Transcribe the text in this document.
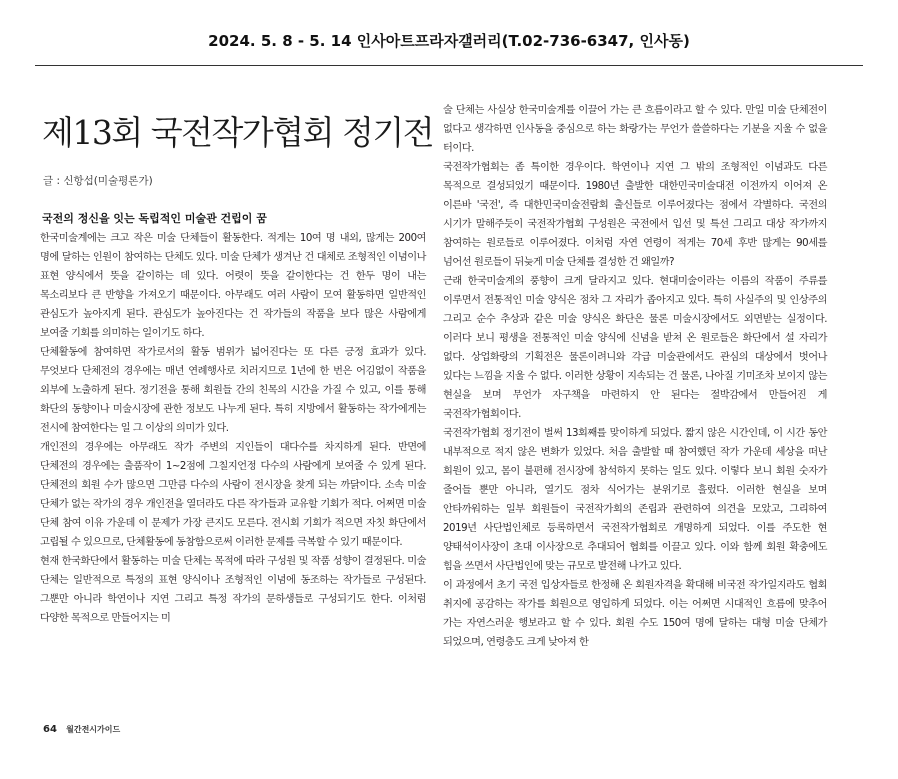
2024. 5. 8 - 5. 14 인사아트프라자갤러리(T.02-736-6347, 인사동)
제13회 국전작가협회 정기전
글 : 신항섭(미술평론가)
국전의 정신을 잇는 독립적인 미술관 건립이 꿈

한국미술계에는 크고 작은 미술 단체들이 활동한다. 적게는 10여 명 내외, 많게는 200여 명에 달하는 인원이 참여하는 단체도 있다. 미술 단체가 생겨난 건 대체로 조형적인 이념이나 표현 양식에서 뜻을 같이하는 데 있다. 어렷이 뜻을 같이한다는 건 한두 명이 내는 목소리보다 큰 반향을 가져오기 때문이다. 아무래도 여러 사람이 모여 활동하면 일반적인 관심도가 높아지게 된다. 관심도가 높아진다는 건 작가들의 작품을 보다 많은 사람에게 보여줄 기회를 의미하는 일이기도 하다.

단체활동에 참여하면 작가로서의 활동 범위가 넓어진다는 또 다른 긍정 효과가 있다. 무엇보다 단체전의 경우에는 매년 연례행사로 치러지므로 1년에 한 번은 어김없이 작품을 외부에 노출하게 된다. 정기전을 통해 회원들 간의 친목의 시간을 가질 수 있고, 이를 통해 화단의 동향이나 미술시장에 관한 정보도 나누게 된다. 특히 지방에서 활동하는 작가에게는 전시에 참여한다는 일 그 이상의 의미가 있다.

개인전의 경우에는 아무래도 작가 주변의 지인들이 대다수를 차지하게 된다. 반면에 단체전의 경우에는 출품작이 1~2점에 그칠지언정 다수의 사람에게 보여줄 수 있게 된다. 단체전의 회원 수가 많으면 그만큼 다수의 사람이 전시장을 찾게 되는 까닭이다. 소속 미술 단체가 없는 작가의 경우 개인전을 열더라도 다른 작가들과 교유할 기회가 적다. 어쩌면 미술 단체 참여 이유 가운데 이 문제가 가장 큰지도 모른다. 전시회 기회가 적으면 자칫 화단에서 고립될 수 있으므로, 단체활동에 동참함으로써 이러한 문제를 극복할 수 있기 때문이다.

현재 한국화단에서 활동하는 미술 단체는 목적에 따라 구성원 및 작품 성향이 결정된다. 미술 단체는 일반적으로 특정의 표현 양식이나 조형적인 이념에 동조하는 작가들로 구성된다. 그뿐만 아니라 학연이나 지연 그리고 특정 작가의 문하생들로 구성되기도 한다. 이처럼 다양한 목적으로 만들어지는 미

술 단체는 사실상 한국미술계를 이끌어 가는 큰 흐름이라고 할 수 있다. 만일 미술 단체전이 없다고 생각하면 인사동을 중심으로 하는 화랑가는 무언가 쓸쓸하다는 기분을 지울 수 없을 터이다.

국전작가협회는 좀 특이한 경우이다. 학연이나 지연 그 밖의 조형적인 이념과도 다른 목적으로 결성되었기 때문이다. 1980년 출발한 대한민국미술대전 이전까지 이어져 온 이른바 '국전', 즉 대한민국미술전람회 출신들로 이루어졌다는 점에서 각별하다. 국전의 시기가 말해주듯이 국전작가협회 구성원은 국전에서 입선 및 특선 그리고 대상 작가까지 참여하는 원로들로 이루어졌다. 이처럼 자연 연령이 적게는 70세 후반 많게는 90세를 넘어선 원로들이 뒤늦게 미술 단체를 결성한 건 왜일까?

근래 한국미술계의 풍향이 크게 달라지고 있다. 현대미술이라는 이름의 작품이 주류를 이루면서 전통적인 미술 양식은 점차 그 자리가 좁아지고 있다. 특히 사실주의 및 인상주의 그리고 순수 추상과 같은 미술 양식은 화단은 물론 미술시장에서도 외면받는 실정이다. 이러다 보니 평생을 전통적인 미술 양식에 신념을 받쳐 온 원로들은 화단에서 설 자리가 없다. 상업화랑의 기획전은 물론이려니와 각급 미술관에서도 관심의 대상에서 벗어나 있다는 느낌을 지울 수 없다. 이러한 상황이 지속되는 건 물론, 나아질 기미조차 보이지 않는 현실을 보며 무언가 자구책을 마련하지 안 된다는 절박감에서 만들어진 게 국전작가협회이다.

국전작가협회 정기전이 벌써 13회째를 맞이하게 되었다. 짧지 않은 시간인데, 이 시간 동안 내부적으로 적지 않은 변화가 있었다. 처음 출발할 때 참여했던 작가 가운데 세상을 떠난 회원이 있고, 몸이 불편해 전시장에 참석하지 못하는 일도 있다. 이렇다 보니 회원 숫자가 줄어들 뿐만 아니라, 열기도 점차 식어가는 분위기로 흘렀다. 이러한 현실을 보며 안타까워하는 일부 회원들이 국전작가회의 존립과 관련하여 의견을 모았고, 그리하여 2019년 사단법인체로 등록하면서 국전작가협회로 개명하게 되었다. 이를 주도한 현 양태석이사장이 초대 이사장으로 추대되어 협회를 이끌고 있다. 이와 함께 회원 확충에도 힘을 쓰면서 사단법인에 맞는 규모로 발전해 나가고 있다.

이 과정에서 초기 국전 입상자들로 한정해 온 회원자격을 확대해 비국전 작가일지라도 협회 취지에 공감하는 작가를 회원으로 영입하게 되었다. 이는 어쩌면 시대적인 흐름에 맞추어 가는 자연스러운 행보라고 할 수 있다. 회원 수도 150여 명에 달하는 대형 미술 단체가 되었으며, 연령층도 크게 낮아져 한

64 월간전시가이드
